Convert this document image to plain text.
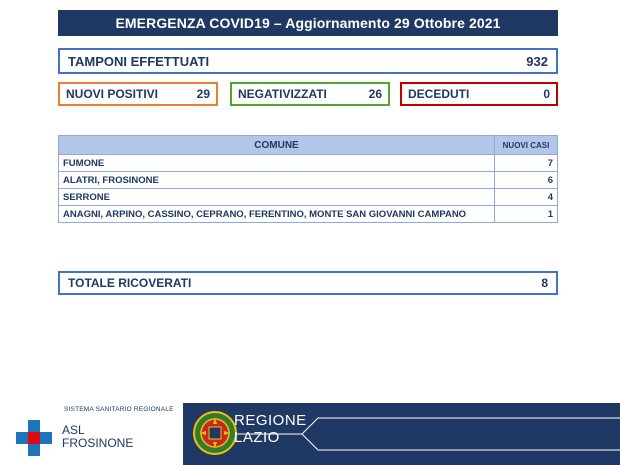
EMERGENZA COVID19 – Aggiornamento 29 Ottobre 2021
TAMPONI EFFETTUATI	932
NUOVI POSITIVI	29 NEGATIVIZZATI	26 DECEDUTI	0
COMUNE	NUOVI CASI
FUMONE	7
ALATRI, FROSINONE	6
SERRONE	4
ANAGNI, ARPINO, CASSINO, CEPRANO, FERENTINO, MONTE SAN GIOVANNI CAMPANO	1
TOTALE RICOVERATI	8
SISTEMA SANITARIO REGIONALE
ASL
FROSINONE
REGIONE
LAZIO
